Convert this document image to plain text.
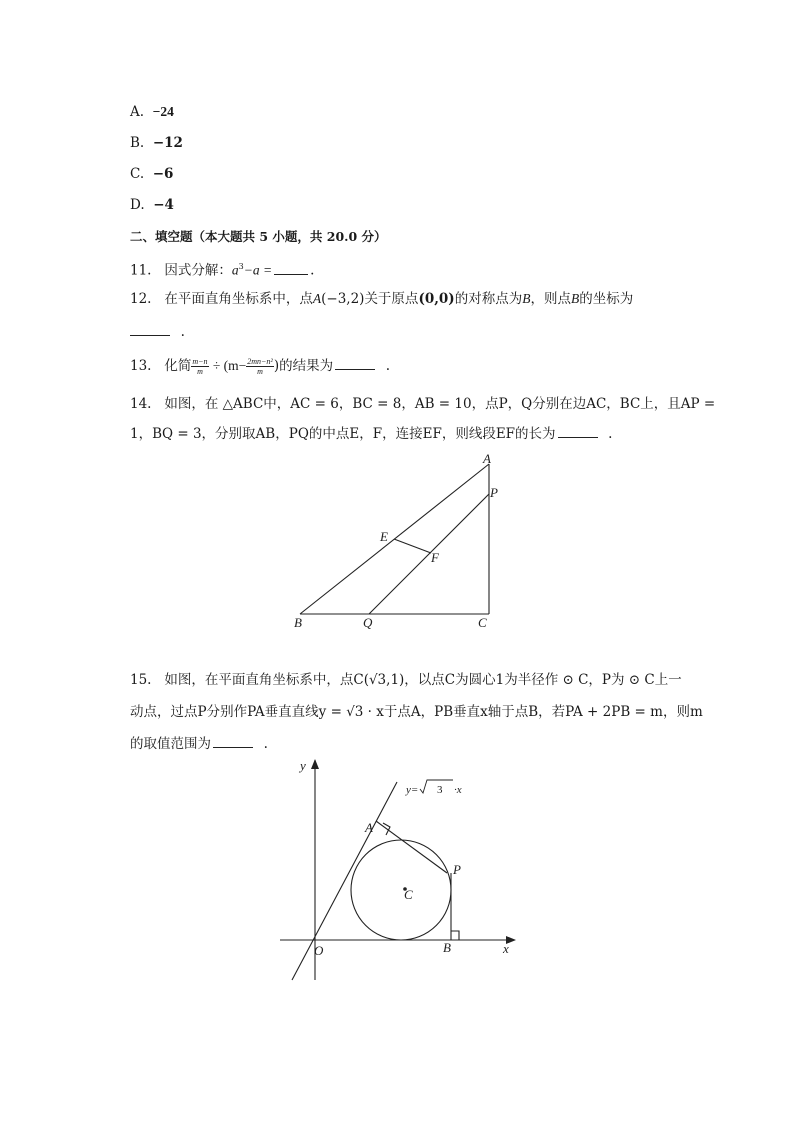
A. −24
B. −12
C. −6
D. −4
二、填空题（本大题共 5 小题，共 20.0 分）
11. 因式分解：$a^3-a$ =	.
12. 在平面直角坐标系中，点A(−3,2)关于原点(0,0)的对称点为B，则点B的坐标为
.
13. 化简 $\frac{m-n}{m} \div (m- \frac{\text{2mn−n²}}{m}$ )的结果为	.
14. 如图，在 △ABC中，AC = 6，BC = 8，AB = 10，点P，Q分别在边AC，BC上，且AP =
1，BQ = 3，分别取AB，PQ的中点E，F，连接EF，则线段EF的长为	.
A
P
E
F
B	Q	C
15. 如图，在平面直角坐标系中，点C(√3,1)，以点C为圆心1为半径作 ⊙ C，P为 ⊙ C上一
动点，过点P分别作PA垂直直线y = √3 · x于点A，PB垂直x轴于点B，若PA + 2PB = m，则m
的取值范围为	.
y
x
O
A
P
B
C
y= 3 ·x
